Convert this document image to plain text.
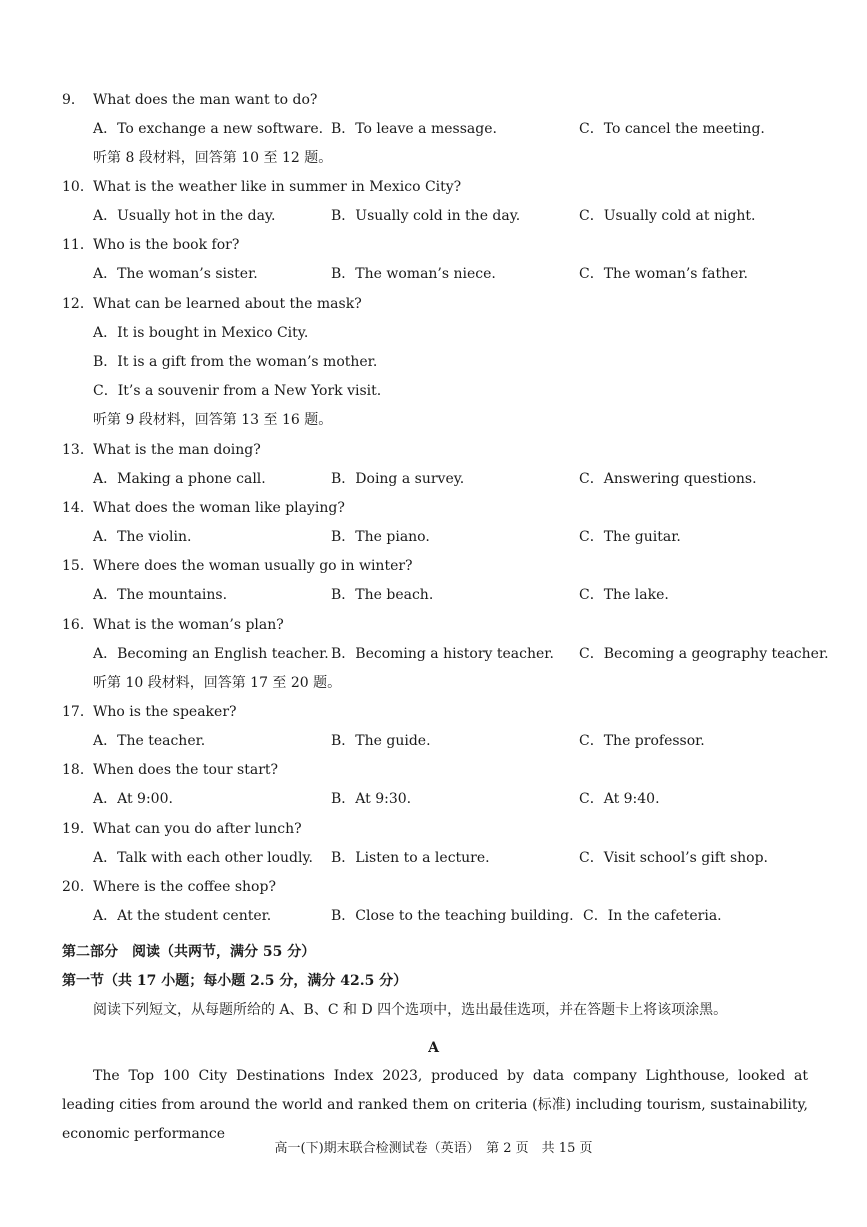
9． What does the man want to do?
A．To exchange a new software. B．To leave a message.	C．To cancel the meeting.
听第 8 段材料，回答第 10 至 12 题。
10．What is the weather like in summer in Mexico City?
A．Usually hot in the day.	B．Usually cold in the day.	C．Usually cold at night.
11．Who is the book for?
A．The woman’s sister.	B．The woman’s niece.	C．The woman’s father.
12．What can be learned about the mask?
A．It is bought in Mexico City.
B．It is a gift from the woman’s mother.
C．It’s a souvenir from a New York visit.
听第 9 段材料，回答第 13 至 16 题。
13．What is the man doing?
A．Making a phone call.	B．Doing a survey.	C．Answering questions.
14．What does the woman like playing?
A．The violin.	B．The piano.	C．The guitar.
15．Where does the woman usually go in winter?
A．The mountains.	B．The beach.	C．The lake.
16．What is the woman’s plan?
A．Becoming an English teacher. B．Becoming a history teacher. C．Becoming a geography teacher.
听第 10 段材料，回答第 17 至 20 题。
17．Who is the speaker?
A．The teacher.	B．The guide.	C．The professor.
18．When does the tour start?
A．At 9:00.	B．At 9:30.	C．At 9:40.
19．What can you do after lunch?
A．Talk with each other loudly. B．Listen to a lecture.	C．Visit school’s gift shop.
20．Where is the coffee shop?
A．At the student center.	B．Close to the teaching building. C．In the cafeteria.
第二部分　阅读（共两节，满分 55 分）
第一节（共 17 小题；每小题 2.5 分，满分 42.5 分）
阅读下列短文，从每题所给的 A、B、C 和 D 四个选项中，选出最佳选项，并在答题卡上将该项涂黑。
A
The Top 100 City Destinations Index 2023, produced by data company Lighthouse, looked at leading cities from around the world and ranked them on criteria (标准) including tourism, sustainability, economic performance
高一(下)期末联合检测试卷（英语）　第 2 页　共 15 页
